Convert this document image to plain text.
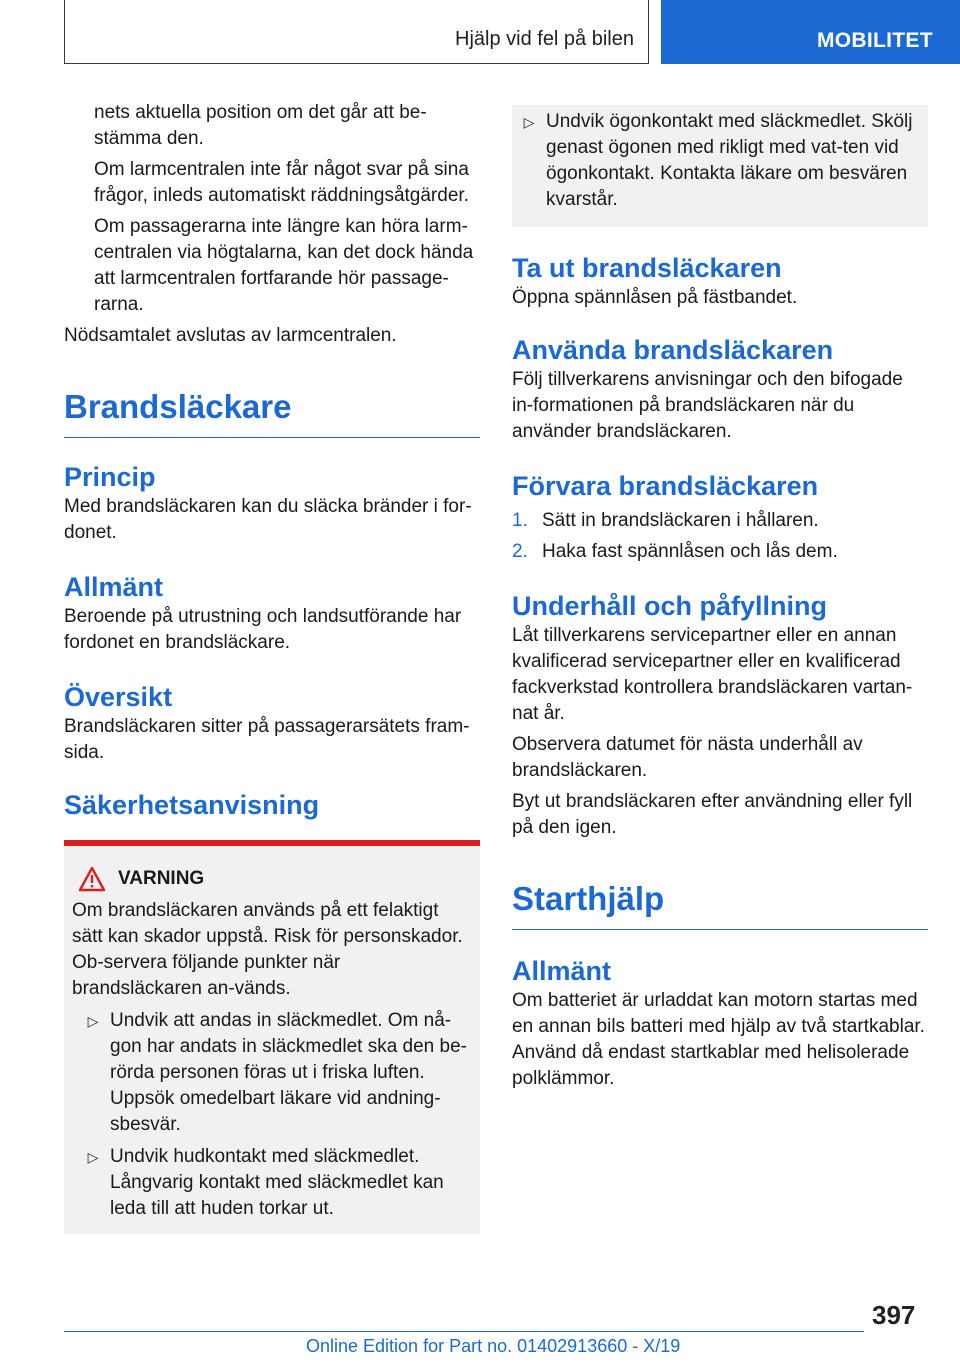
Hjälp vid fel på bilen	MOBILITET

nets aktuella position om det går att be-stämma den.

Om larmcentralen inte får något svar på sina frågor, inleds automatiskt räddningsåtgärder.

Om passagerarna inte längre kan höra larm-centralen via högtalarna, kan det dock hända att larmcentralen fortfarande hör passage-rarna.

Nödsamtalet avslutas av larmcentralen.

Brandsläckare
Princip

Med brandsläckaren kan du släcka bränder i for-donet.

Allmänt

Beroende på utrustning och landsutförande har fordonet en brandsläckare.

Översikt

Brandsläckaren sitter på passagerarsätets fram-sida.

Säkerhetsanvisning
VARNING

Om brandsläckaren används på ett felaktigt sätt kan skador uppstå. Risk för personskador. Ob-servera följande punkter när brandsläckaren an-vänds.

▷ Undvik att andas in släckmedlet. Om nå-gon har andats in släckmedlet ska den be-rörda personen föras ut i friska luften. Uppsök omedelbart läkare vid andning-sbesvär.
▷ Undvik hudkontakt med släckmedlet. Långvarig kontakt med släckmedlet kan leda till att huden torkar ut.
▷ Undvik ögonkontakt med släckmedlet. Skölj genast ögonen med rikligt med vat-ten vid ögonkontakt. Kontakta läkare om besvären kvarstår.
Ta ut brandsläckaren

Öppna spännlåsen på fästbandet.

Använda brandsläckaren

Följ tillverkarens anvisningar och den bifogade in-formationen på brandsläckaren när du använder brandsläckaren.

Förvara brandsläckaren
1. Sätt in brandsläckaren i hållaren.
2. Haka fast spännlåsen och lås dem.
Underhåll och påfyllning

Låt tillverkarens servicepartner eller en annan kvalificerad servicepartner eller en kvalificerad fackverkstad kontrollera brandsläckaren vartan-nat år.

Observera datumet för nästa underhåll av brandsläckaren.

Byt ut brandsläckaren efter användning eller fyll på den igen.

Starthjälp
Allmänt

Om batteriet är urladdat kan motorn startas med en annan bils batteri med hjälp av två startkablar. Använd då endast startkablar med helisolerade polklämmor.

397
Online Edition for Part no. 01402913660 - X/19
